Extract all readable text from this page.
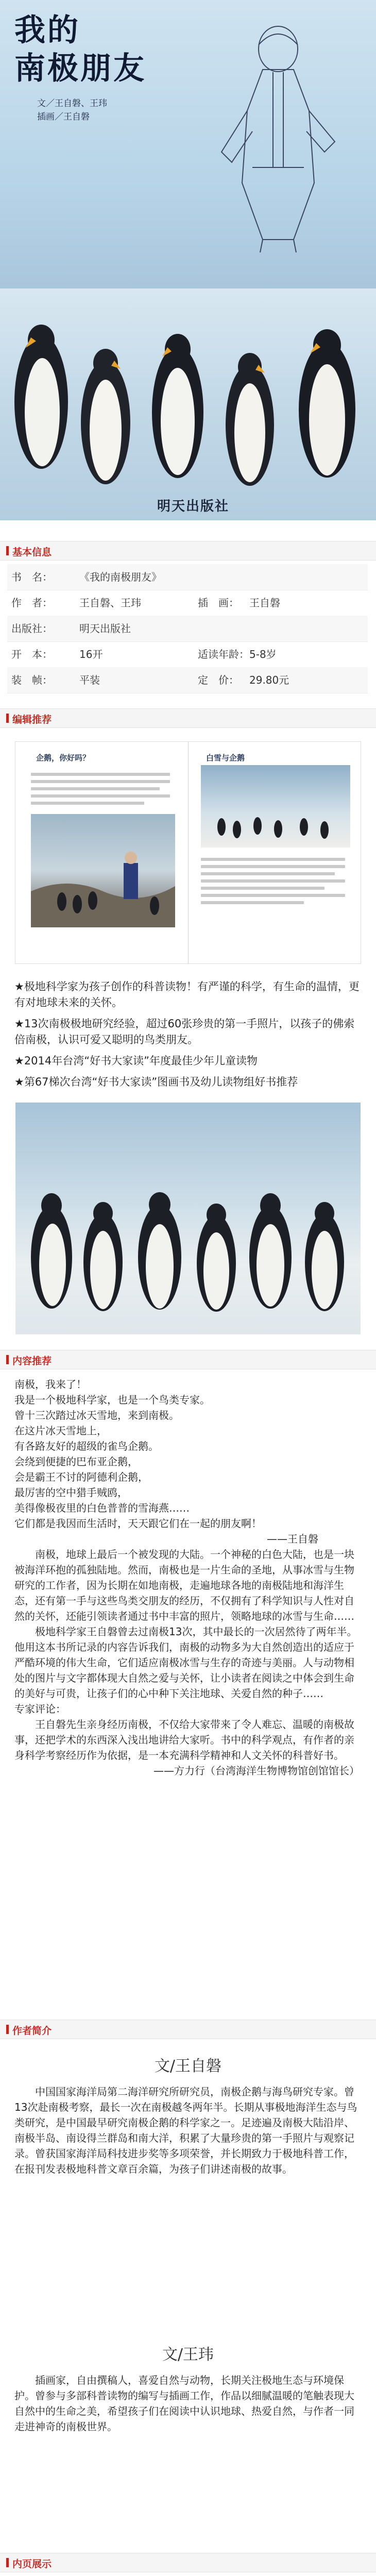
我的
南极朋友
文／王自磐、王玮
插画／王自磐
明天出版社
基本信息
书　名：	《我的南极朋友》
作　者：	王自磐、王玮	插　画： 王自磐
出版社：	明天出版社
开　本：	16开	适读年龄： 5-8岁
装　帧：	平装	定　价： 29.80元
编辑推荐
企鹅，你好吗？	白雪与企鹅

★极地科学家为孩子创作的科普读物！有严谨的科学，有生命的温情，更有对地球未来的关怀。

★13次南极极地研究经验，超过60张珍贵的第一手照片，以孩子的佛索倍南极，认识可爱又聪明的鸟类朋友。

★2014年台湾“好书大家读”年度最佳少年儿童读物

★第67梯次台湾“好书大家读”图画书及幼儿读物组好书推荐

内容推荐

南极，我来了！

我是一个极地科学家，也是一个鸟类专家。

曾十三次踏过冰天雪地，来到南极。

在这片冰天雪地上，

有各路友好的超级的雀鸟企鹅。

会绕到便捷的巴布亚企鹅，

会是霸王不讨的阿德利企鹅，

最厉害的空中猎手贼鸥，

美得像极夜里的白色普普的雪海燕……

它们都是我因而生活时，天天跟它们在一起的朋友啊！

——王自磐

南极，地球上最后一个被发现的大陆。一个神秘的白色大陆，也是一块被海洋环抱的孤独陆地。然而，南极也是一片生命的圣地，从事冰雪与生物研究的工作者，因为长期在如地南极，走遍地球各地的南极陆地和海洋生态，还有第一手与这些鸟类交朋友的经历，不仅拥有了科学知识与人性对自然的关怀，还能引领读者通过书中丰富的照片，领略地球的冰雪与生命……

极地科学家王自磐曾去过南极13次，其中最长的一次居然待了两年半。他用这本书所记录的内容告诉我们，南极的动物多为大自然创造出的适应于严酷环境的伟大生命，它们适应南极冰雪与生存的奇迹与美丽。人与动物相处的图片与文字都体现大自然之爱与关怀，让小读者在阅读之中体会到生命的美好与可贵，让孩子们的心中种下关注地球、关爱自然的种子……

专家评论：

王自磐先生亲身经历南极，不仅给大家带来了令人难忘、温暖的南极故事，还把学术的东西深入浅出地讲给大家听。书中的科学观点，有作者的亲身科学考察经历作为依据，是一本充满科学精神和人文关怀的科普好书。

——方力行（台湾海洋生物博物馆创馆馆长）

作者简介
文/王自磐

中国国家海洋局第二海洋研究所研究员，南极企鹅与海鸟研究专家。曾13次赴南极考察，最长一次在南极越冬两年半。长期从事极地海洋生态与鸟类研究，是中国最早研究南极企鹅的科学家之一。足迹遍及南极大陆沿岸、南极半岛、南设得兰群岛和南大洋，积累了大量珍贵的第一手照片与观察记录。曾获国家海洋局科技进步奖等多项荣誉，并长期致力于极地科普工作，在报刊发表极地科普文章百余篇，为孩子们讲述南极的故事。

文/王玮

插画家，自由撰稿人，喜爱自然与动物，长期关注极地生态与环境保护。曾参与多部科普读物的编写与插画工作，作品以细腻温暖的笔触表现大自然中的生命之美，希望孩子们在阅读中认识地球、热爱自然，与作者一同走进神奇的南极世界。

内页展示
